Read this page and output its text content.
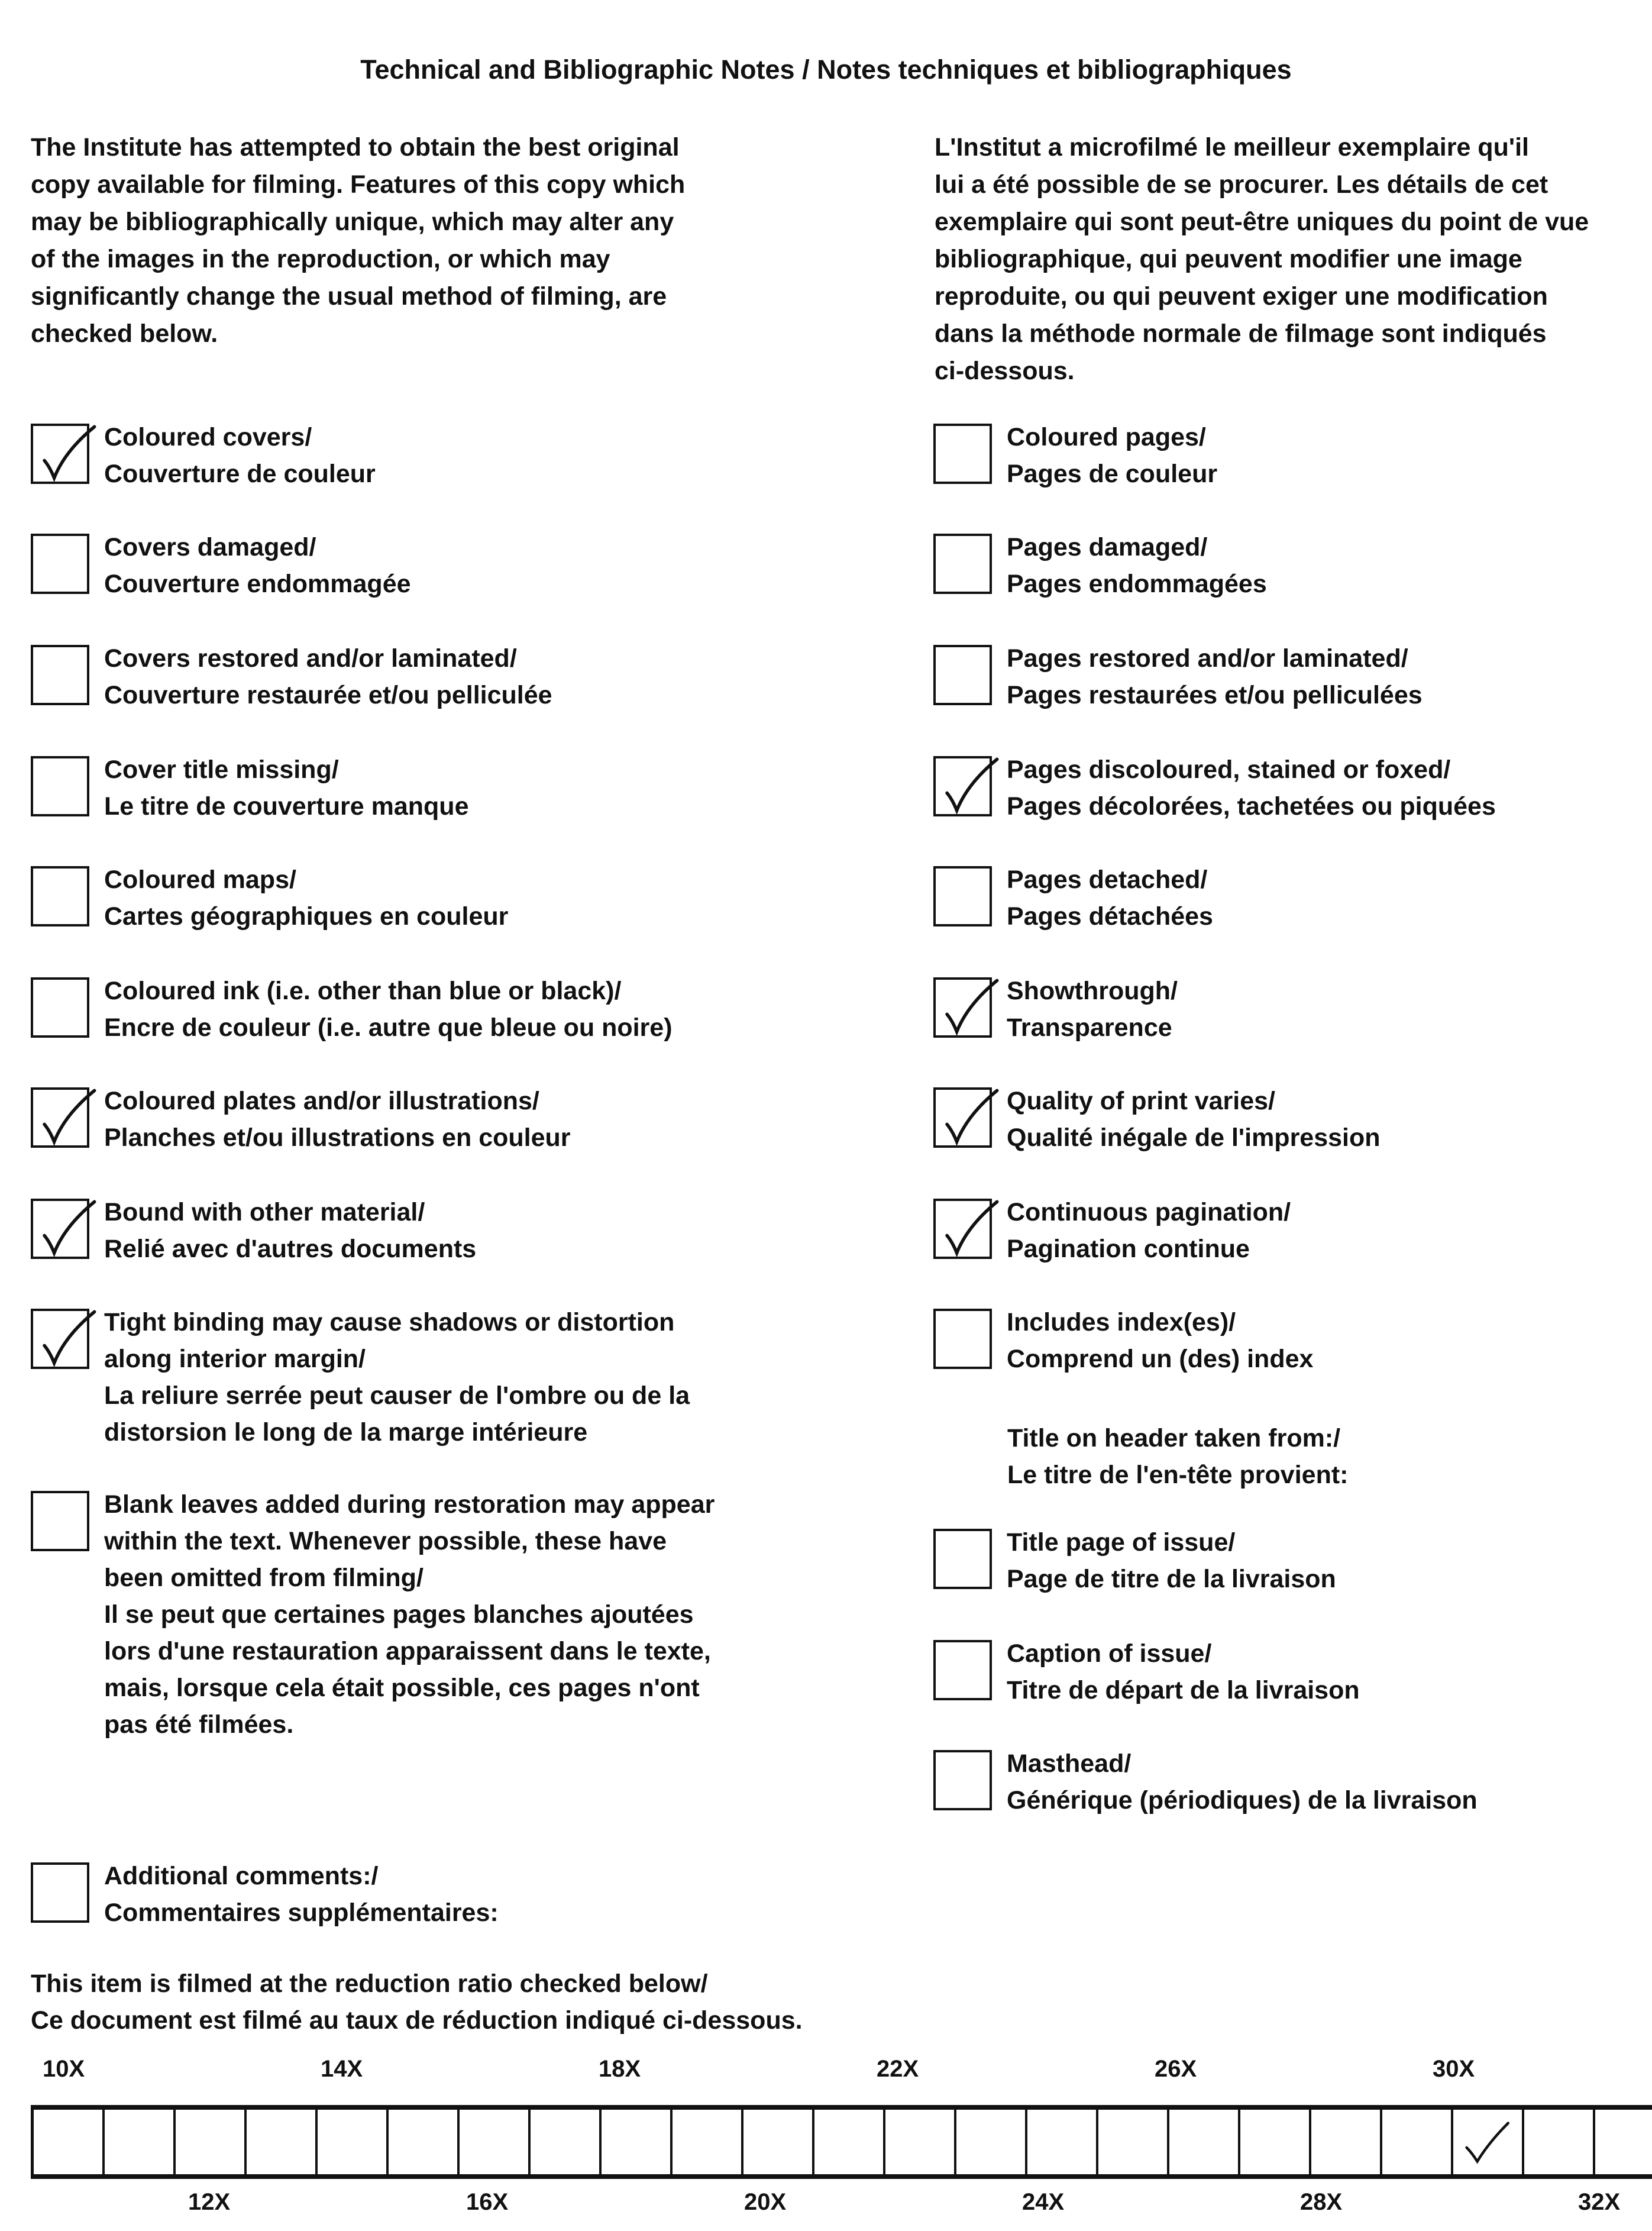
Technical and Bibliographic Notes / Notes techniques et bibliographiques
The Institute has attempted to obtain the best original
copy available for filming. Features of this copy which
may be bibliographically unique, which may alter any
of the images in the reproduction, or which may
significantly change the usual method of filming, are
checked below.
L'Institut a microfilmé le meilleur exemplaire qu'il
lui a été possible de se procurer. Les détails de cet
exemplaire qui sont peut-être uniques du point de vue
bibliographique, qui peuvent modifier une image
reproduite, ou qui peuvent exiger une modification
dans la méthode normale de filmage sont indiqués
ci-dessous.
Coloured covers/
Couverture de couleur
Covers damaged/
Couverture endommagée
Covers restored and/or laminated/
Couverture restaurée et/ou pelliculée
Cover title missing/
Le titre de couverture manque
Coloured maps/
Cartes géographiques en couleur
Coloured ink (i.e. other than blue or black)/
Encre de couleur (i.e. autre que bleue ou noire)
Coloured plates and/or illustrations/
Planches et/ou illustrations en couleur
Bound with other material/
Relié avec d'autres documents
Tight binding may cause shadows or distortion
along interior margin/
La reliure serrée peut causer de l'ombre ou de la
distorsion le long de la marge intérieure
Blank leaves added during restoration may appear
within the text. Whenever possible, these have
been omitted from filming/
Il se peut que certaines pages blanches ajoutées
lors d'une restauration apparaissent dans le texte,
mais, lorsque cela était possible, ces pages n'ont
pas été filmées.
Coloured pages/
Pages de couleur
Pages damaged/
Pages endommagées
Pages restored and/or laminated/
Pages restaurées et/ou pelliculées
Pages discoloured, stained or foxed/
Pages décolorées, tachetées ou piquées
Pages detached/
Pages détachées
Showthrough/
Transparence
Quality of print varies/
Qualité inégale de l'impression
Continuous pagination/
Pagination continue
Includes index(es)/
Comprend un (des) index
Title page of issue/
Page de titre de la livraison
Caption of issue/
Titre de départ de la livraison
Masthead/
Générique (périodiques) de la livraison
Additional comments:/
Commentaires supplémentaires:
Title on header taken from:/
Le titre de l'en-tête provient:
This item is filmed at the reduction ratio checked below/
Ce document est filmé au taux de réduction indiqué ci-dessous.
10X	14X	18X	22X	26X	30X
12X	16X	20X	24X	28X	32X
